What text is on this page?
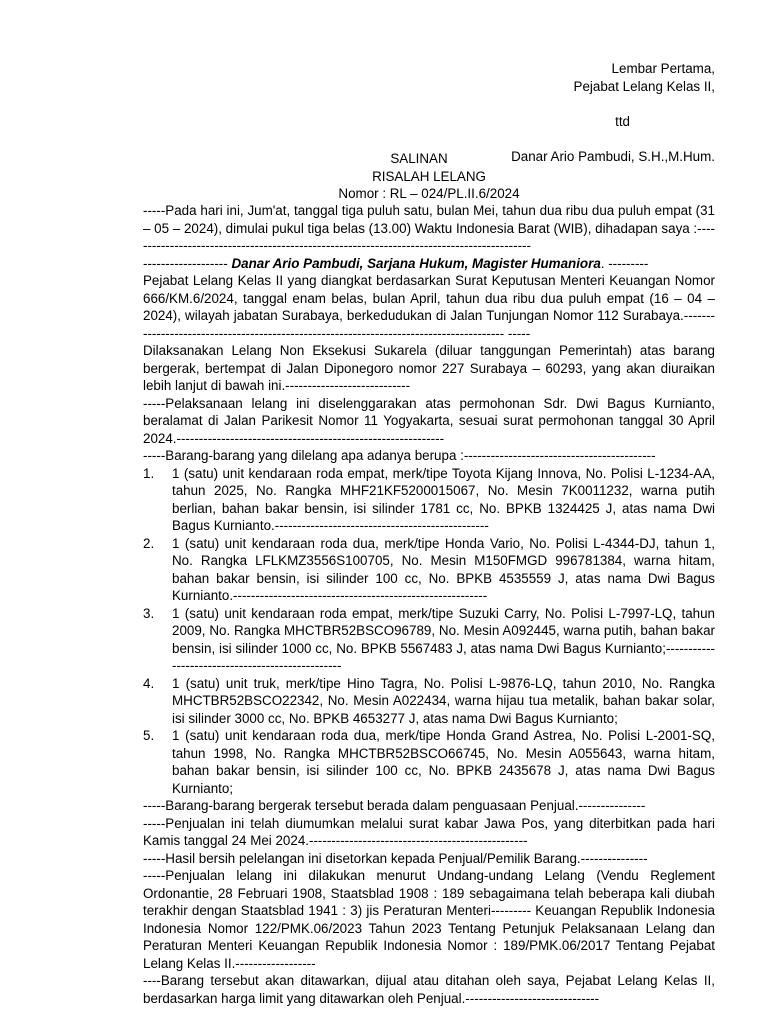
Lembar Pertama,
Pejabat Lelang Kelas II,
ttd
Danar Ario Pambudi, S.H.,M.Hum.
SALINAN
RISALAH LELANG
Nomor : RL – 024/PL.II.6/2024

-----Pada hari ini, Jum'at, tanggal tiga puluh satu, bulan Mei, tahun dua ribu dua puluh empat (31 – 05 – 2024), dimulai pukul tiga belas (13.00) Waktu Indonesia Barat (WIB), dihadapan saya :-------------------------------------------------------------------------------------------

------------------- Danar Ario Pambudi, Sarjana Hukum, Magister Humaniora. ---------

Pejabat Lelang Kelas II yang diangkat berdasarkan Surat Keputusan Menteri Keuangan Nomor 666/KM.6/2024, tanggal enam belas, bulan April, tahun dua ribu dua puluh empat (16 – 04 – 2024), wilayah jabatan Surabaya, berkedudukan di Jalan Tunjungan Nomor 112 Surabaya.---------------------------------------------------------------------------------------- -----

Dilaksanakan Lelang Non Eksekusi Sukarela (diluar tanggungan Pemerintah) atas barang bergerak, bertempat di Jalan Diponegoro nomor 227 Surabaya – 60293, yang akan diuraikan lebih lanjut di bawah ini.----------------------------

-----Pelaksanaan lelang ini diselenggarakan atas permohonan Sdr. Dwi Bagus Kurnianto, beralamat di Jalan Parikesit Nomor 11 Yogyakarta, sesuai surat permohonan tanggal 30 April 2024.------------------------------------------------------------

-----Barang-barang yang dilelang apa adanya berupa :-------------------------------------------

1. 1 (satu) unit kendaraan roda empat, merk/tipe Toyota Kijang Innova, No. Polisi L-1234-AA, tahun 2025, No. Rangka MHF21KF5200015067, No. Mesin 7K0011232, warna putih berlian, bahan bakar bensin, isi silinder 1781 cc, No. BPKB 1324425 J, atas nama Dwi Bagus Kurnianto.------------------------------------------------
2. 1 (satu) unit kendaraan roda dua, merk/tipe Honda Vario, No. Polisi L-4344-DJ, tahun 1, No. Rangka LFLKMZ3556S100705, No. Mesin M150FMGD 996781384, warna hitam, bahan bakar bensin, isi silinder 100 cc, No. BPKB 4535559 J, atas nama Dwi Bagus Kurnianto.---------------------------------------------------------
3. 1 (satu) unit kendaraan roda empat, merk/tipe Suzuki Carry, No. Polisi L-7997-LQ, tahun 2009, No. Rangka MHCTBR52BSCO96789, No. Mesin A092445, warna putih, bahan bakar bensin, isi silinder 1000 cc, No. BPKB 5567483 J, atas nama Dwi Bagus Kurnianto;-------------------------------------------------
4. 1 (satu) unit truk, merk/tipe Hino Tagra, No. Polisi L-9876-LQ, tahun 2010, No. Rangka MHCTBR52BSCO22342, No. Mesin A022434, warna hijau tua metalik, bahan bakar solar, isi silinder 3000 cc, No. BPKB 4653277 J, atas nama Dwi Bagus Kurnianto;
5. 1 (satu) unit kendaraan roda dua, merk/tipe Honda Grand Astrea, No. Polisi L-2001-SQ, tahun 1998, No. Rangka MHCTBR52BSCO66745, No. Mesin A055643, warna hitam, bahan bakar bensin, isi silinder 100 cc, No. BPKB 2435678 J, atas nama Dwi Bagus Kurnianto;

-----Barang-barang bergerak tersebut berada dalam penguasaan Penjual.---------------

-----Penjualan ini telah diumumkan melalui surat kabar Jawa Pos, yang diterbitkan pada hari Kamis tanggal 24 Mei 2024.-------------------------------------------------

-----Hasil bersih pelelangan ini disetorkan kepada Penjual/Pemilik Barang.---------------

-----Penjualan lelang ini dilakukan menurut Undang-undang Lelang (Vendu Reglement Ordonantie, 28 Februari 1908, Staatsblad 1908 : 189 sebagaimana telah beberapa kali diubah terakhir dengan Staatsblad 1941 : 3) jis Peraturan Menteri--------- Keuangan Republik Indonesia Indonesia Nomor 122/PMK.06/2023 Tahun 2023 Tentang Petunjuk Pelaksanaan Lelang dan Peraturan Menteri Keuangan Republik Indonesia Nomor : 189/PMK.06/2017 Tentang Pejabat Lelang Kelas II.------------------

----Barang tersebut akan ditawarkan, dijual atau ditahan oleh saya, Pejabat Lelang Kelas II, berdasarkan harga limit yang ditawarkan oleh Penjual.------------------------------
